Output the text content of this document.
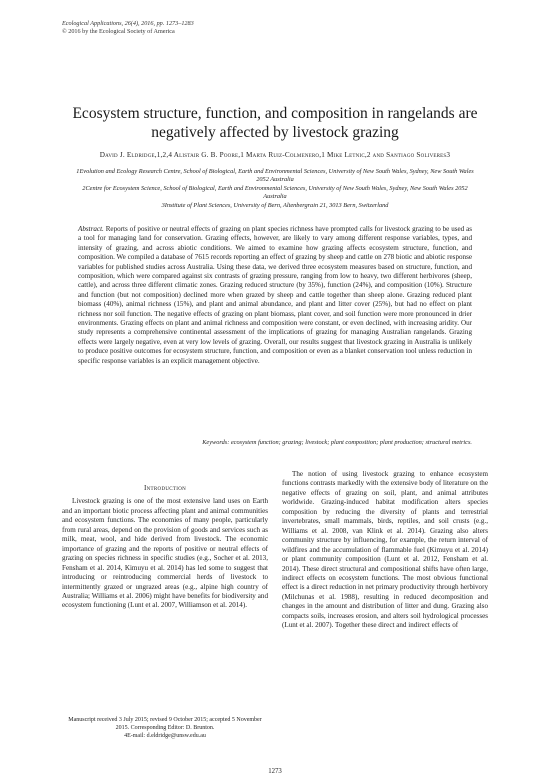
Ecological Applications, 26(4), 2016, pp. 1273–1283
© 2016 by the Ecological Society of America
Ecosystem structure, function, and composition in rangelands are negatively affected by livestock grazing
David J. Eldridge,1,2,4 Alistair G. B. Poore,1 Marta Ruiz-Colmenero,1 Mike Letnic,2 and Santiago Soliveres3
1Evolution and Ecology Research Centre, School of Biological, Earth and Environmental Sciences, University of New South Wales, Sydney, New South Wales 2052 Australia
2Centre for Ecosystem Science, School of Biological, Earth and Environmental Sciences, University of New South Wales, Sydney, New South Wales 2052 Australia
3Institute of Plant Sciences, University of Bern, Altenbergrain 21, 3013 Bern, Switzerland
Abstract. Reports of positive or neutral effects of grazing on plant species richness have prompted calls for livestock grazing to be used as a tool for managing land for conservation. Grazing effects, however, are likely to vary among different response variables, types, and intensity of grazing, and across abiotic conditions. We aimed to examine how grazing affects ecosystem structure, function, and composition. We compiled a database of 7615 records reporting an effect of grazing by sheep and cattle on 278 biotic and abiotic response variables for published studies across Australia. Using these data, we derived three ecosystem measures based on structure, function, and composition, which were compared against six contrasts of grazing pressure, ranging from low to heavy, two different herbivores (sheep, cattle), and across three different climatic zones. Grazing reduced structure (by 35%), function (24%), and composition (10%). Structure and function (but not composition) declined more when grazed by sheep and cattle together than sheep alone. Grazing reduced plant biomass (40%), animal richness (15%), and plant and animal abundance, and plant and litter cover (25%), but had no effect on plant richness nor soil function. The negative effects of grazing on plant biomass, plant cover, and soil function were more pronounced in drier environments. Grazing effects on plant and animal richness and composition were constant, or even declined, with increasing aridity. Our study represents a comprehensive continental assessment of the implications of grazing for managing Australian rangelands. Grazing effects were largely negative, even at very low levels of grazing. Overall, our results suggest that livestock grazing in Australia is unlikely to produce positive outcomes for ecosystem structure, function, and composition or even as a blanket conservation tool unless reduction in specific response variables is an explicit management objective.
Keywords: ecosystem function; grazing; livestock; plant composition; plant production; structural metrics.
Introduction

Livestock grazing is one of the most extensive land uses on Earth and an important biotic process affecting plant and animal communities and ecosystem functions. The economies of many people, particularly from rural areas, depend on the provision of goods and services such as milk, meat, wool, and hide derived from livestock. The economic importance of grazing and the reports of positive or neutral effects of grazing on species richness in specific studies (e.g., Socher et al. 2013, Fensham et al. 2014, Kimuyu et al. 2014) has led some to suggest that introducing or reintroducing commercial herds of livestock to intermittently grazed or ungrazed areas (e.g., alpine high country of Australia; Williams et al. 2006) might have benefits for biodiversity and ecosystem functioning (Lunt et al. 2007, Williamson et al. 2014).

The notion of using livestock grazing to enhance ecosystem functions contrasts markedly with the extensive body of literature on the negative effects of grazing on soil, plant, and animal attributes worldwide. Grazing-induced habitat modification alters species composition by reducing the diversity of plants and terrestrial invertebrates, small mammals, birds, reptiles, and soil crusts (e.g., Williams et al. 2008, van Klink et al. 2014). Grazing also alters community structure by influencing, for example, the return interval of wildfires and the accumulation of flammable fuel (Kimuyu et al. 2014) or plant community composition (Lunt et al. 2012, Fensham et al. 2014). These direct structural and compositional shifts have often large, indirect effects on ecosystem functions. The most obvious functional effect is a direct reduction in net primary productivity through herbivory (Milchunas et al. 1988), resulting in reduced decomposition and changes in the amount and distribution of litter and dung. Grazing also compacts soils, increases erosion, and alters soil hydrological processes (Lunt et al. 2007). Together these direct and indirect effects of

Manuscript received 3 July 2015; revised 9 October 2015; accepted 5 November 2015. Corresponding Editor: D. Brunton.
4E-mail: d.eldridge@unsw.edu.au
1273
